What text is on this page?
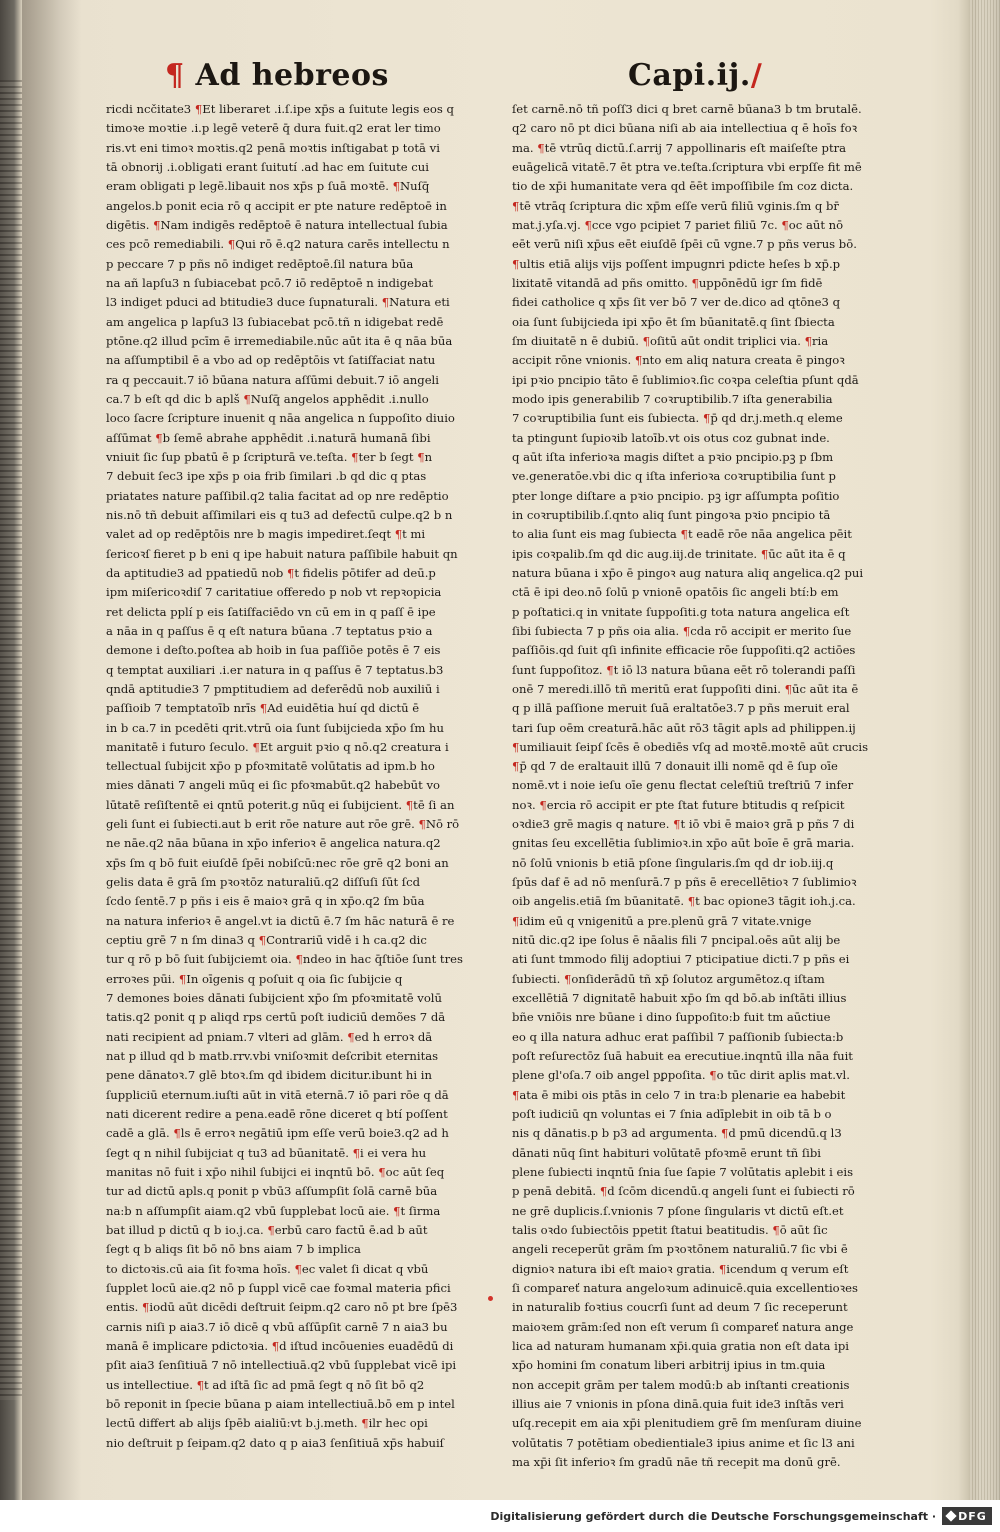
¶ Ad hebreos	Capi.ij./
ricdi ncčitate3 ¶Et liberaret .i.ſ.ipe xp̄s a ſuitute legis eos q
timoꝛe moꝛtie .i.p legē veterē q̄ dura fuit.q2 erat ler timo
ris.vt eni timoꝛ moꝛtis.q2 penā moꝛtis inſtigabat p totā vi
tā obnorij .i.obligati erant ſuitutí .ad hac em ſuitute cui
eram obligati p legē.libauit nos xp̄s p ſuā moꝛtē. ¶Nuſq̄
angelos.b ponit ecia rō q accipit er pte nature redēptoē in
digētis. ¶Nam indigēs redēptoē ē natura intellectual ſubia
ces pcō remediabili. ¶Qui rō ē.q2 natura carēs intellectu n
p peccare 7 p pñs nō indiget redēptoē.ſil natura būa
na añ lapſu3 n ſubiacebat pcō.7 iō redēptoē n indigebat
l3 indiget pduci ad btitudie3 duce ſupnaturali. ¶Natura eti
am angelica p lapſu3 l3 ſubiacebat pcō.tñ n idigebat redē
ptōne.q2 illud pcīm ē irremediabile.nūc aūt ita ē q nāa būa
na aſſumptibil ē a vbo ad op redēptōis vt ſatiſfaciat natu
ra q peccauit.7 iō būana natura aſſūmi debuit.7 iō angeli
ca.7 b eſt qd dic b aplš ¶Nuſq̄ angelos apphēdit .i.nullo
loco ſacre ſcripture inuenit q nāa angelica n ſuppoſito diuio
aſſūmat ¶b ſemē abrahe apphēdit .i.naturā humanā ſibi
vniuit ſic ſup pbatū ē p ſcripturā ve.teſta. ¶ter b ſegt ¶n
7 debuit ſec3 ipe xp̄s p oia frib ſimilari .b qd dic q ptas
priatates nature paſſibil.q2 talia facitat ad op nre redēptio
nis.nō tñ debuit aſſimilari eis q tu3 ad defectū culpe.q2 b n
valet ad op redēptōis nre b magis impediret.ſeqt ¶t mi
ſericoꝛſ fieret p b eni q ipe habuit natura paſſibile habuit qn
da aptitudie3 ad ppatiedū nob ¶t fidelis pōtifer ad deū.p
ipm miſericoꝛdiſ 7 caritatiue offeredo p nob vt repꝛopicia
ret delicta pplí p eis ſatiſfaciēdo vn cū em in q paſſ ē ipe
a nāa in q paſſus ē q eſt natura būana .7 teptatus pꝛio a
demone i deſto.poſtea ab hoib in ſua paſſiōe potēs ē 7 eis
q temptat auxiliari .i.er natura in q paſſus ē 7 teptatus.b3
qndā aptitudie3 7 pmptitudiem ad deferēdū nob auxiliū i
paſſioib 7 temptatoīb nrīs ¶Ad euidētia huí qd dictū ē
in b ca.7 in pcedēti qrit.vtrū oia ſunt ſubijcieda xp̄o ſm hu
manitatē i futuro ſeculo. ¶Et arguit pꝛio q nō.q2 creatura i
tellectual ſubijcit xp̄o p pfoꝛmitatē volūtatis ad ipm.b ho
mies dānati 7 angeli mūq ei ſic pfoꝛmabūt.q2 habebūt vo
lūtatē reſiſtentē ei qntū poterit.g nūq ei ſubijcient. ¶tē ſi an
geli ſunt ei ſubiecti.aut b erit rōe nature aut rōe grē. ¶Nō rō
ne nāe.q2 nāa būana in xp̄o inferioꝛ ē angelica natura.q2
xp̄s ſm q bō fuit eiuſdē ſpēi nobiſcū:nec rōe grē q2 boni an
gelis data ē grā ſm pꝛoꝛtōz naturaliū.q2 diſſuſi ſūt ſcd
ſcdo ſentē.7 p pñs i eis ē maioꝛ grā q in xp̄o.q2 ſm būa
na natura inferioꝛ ē angel.vt ia dictū ē.7 ſm hāc naturā ē re
ceptiu grē 7 n ſm dina3 q ¶Contrariū vidē i h ca.q2 dic
tur q rō p bō ſuit ſubijciemt oia. ¶ndeo in hac q̄ſtiōe ſunt tres
erroꝛes pūi. ¶In oīgenis q poſuit q oia ſic ſubijcie q
7 demones boies dānati ſubijcient xp̄o ſm pfoꝛmitatē volū
tatis.q2 ponit q p aliqd rps certū poſt iudiciū demões 7 dā
nati recipient ad pniam.7 vlteri ad glām. ¶ed h erroꝛ dā
nat p illud qd b matb.rrv.vbi vniſoꝛmit deſcribit eternitas
pene dānatoꝛ.7 glē btoꝛ.ſm qd ibidem dicitur.ibunt hi in
ſuppliciū eternum.iuſti aūt in vitā eternā.7 iō pari rōe q dā
nati dicerent redire a pena.eadē rōne diceret q btí poſſent
cadē a glā. ¶ls ē erroꝛ negātiū ipm eſſe verū boie3.q2 ad h
ſegt q n nihil ſubijciat q tu3 ad būanitatē. ¶i ei vera hu
manitas nō fuit i xp̄o nihil ſubijci ei inqntū bō. ¶oc aūt ſeq
tur ad dictū apls.q ponit p vbū3 aſſumpſit ſolā carnē būa
na:b n aſſumpſit aiam.q2 vbū ſupplebat locū aie. ¶t ſirma
bat illud p dictū q b io.j.ca. ¶erbū caro factū ē.ad b aūt
ſegt q b aliqs ſit bō nō bns aiam 7 b implica
to dictoꝛis.cū aia ſit foꝛma hoīs. ¶ec valet ſi dicat q vbū
ſupplet locū aie.q2 nō p ſuppl vicē cae foꝛmal materia pfici
entis. ¶iodū aūt dicēdi deſtruit ſeipm.q2 caro nō pt bre ſpē3
carnis niſi p aia3.7 iō dicē q vbū aſſūpſit carnē 7 n aia3 bu
manā ē implicare pdictoꝛia. ¶d iſtud incōuenies euadēdū di
pſit aia3 ſenſitiuā 7 nō intellectiuā.q2 vbū ſupplebat vicē ipi
us intellectiue. ¶t ad iſtā ſic ad pmā ſegt q nō ſit bō q2
bō reponit in ſpecie būana p aiam intellectiuā.bō em p intel
lectū differt ab alijs ſpēb aialiū:vt b.j.meth. ¶ilr hec opi
nio deſtruit p ſeipam.q2 dato q p aia3 ſenſitiuā xp̄s habuiſ
ſet carnē.nō tñ poſſ3 dici q bret carnē būana3 b tm brutalē.
q2 caro nō pt dici būana niſi ab aia intellectiua q ē hoīs foꝛ
ma. ¶tē vtrūq dictū.ſ.arrij 7 appollinaris eſt maiſeſte ptra
euāgelicā vitatē.7 ēt ptra ve.teſta.ſcriptura vbi erpſſe fit mē
tio de xp̄i humanitate vera qd ēēt impoſſibile ſm coz dicta.
¶tē vtrāq ſcriptura dic xp̄m eſſe verū filiū vginis.ſm q br̄
mat.j.yſa.vj. ¶cce vgo pcipiet 7 pariet filiū 7c. ¶oc aūt nō
eēt verū niſi xp̄us eēt eiuſdē ſpēi cū vgne.7 p pñs verus bō.
¶ultis etiā alijs vijs poſſent impugnri pdicte heſes b xp̄.p
lixitatē vitandā ad pñs omitto. ¶uppōnēdū igr ſm fidē
fidei catholice q xp̄s ſit ver bō 7 ver de.dico ad qtōne3 q
oia ſunt ſubijcieda ipi xp̄o ēt ſm būanitatē.q ſint ſbiecta
ſm diuitatē n ē dubiū. ¶oſitū aūt ondit triplici via. ¶ria
accipit rōne vnionis. ¶nto em aliq natura creata ē pingoꝛ
ipi pꝛio pncipio tāto ē ſublimioꝛ.ſic coꝛpa celeſtia pſunt qdā
modo ipis generabilib 7 coꝛruptibilib.7 iſta generabilia
7 coꝛruptibilia ſunt eis ſubiecta. ¶p̄ qd dr.j.meth.q eleme
ta ptingunt ſupioꝛib latoīb.vt ois otus coz gubnat inde.
q aūt iſta inferioꝛa magis diſtet a pꝛio pncipio.pꝫ p ſbm
ve.generatōe.vbi dic q iſta inferioꝛa coꝛruptibilia ſunt p
pter longe diſtare a pꝛio pncipio. pꝫ igr aſſumpta poſitio
in coꝛruptibilib.ſ.qnto aliq ſunt pingoꝛa pꝛio pncipio tā
to alia ſunt eis mag ſubiecta ¶t eadē rōe nāa angelica pēit
ipis coꝛpalib.ſm qd dic aug.iij.de trinitate. ¶ūc aūt ita ē q
natura būana i xp̄o ē pingoꝛ aug natura aliq angelica.q2 pui
ctā ē ipi deo.nō ſolū p vnionē opatōis ſic angeli btí:b em
p poſtatici.q in vnitate ſuppoſiti.g tota natura angelica eſt
ſibi ſubiecta 7 p pñs oia alia. ¶cda rō accipit er merito ſue
paſſiōis.qd ſuit qſi infinite efficacie rōe ſuppoſiti.q2 actiōes
ſunt ſuppoſitoz. ¶t iō l3 natura būana eēt rō tolerandi paſſi
onē 7 meredi.illō tñ meritū erat ſuppoſiti dini. ¶ūc aūt ita ē
q p illā paſſione meruit ſuā eraltatōe3.7 p pñs meruit eral
tari ſup oēm creaturā.hāc aūt rō3 tāgit apls ad philippen.ij
¶umiliauit ſeipſ ſcēs ē obediēs vſq ad moꝛtē.moꝛtē aūt crucis
¶p̄ qd 7 de eraltauit illū 7 donauit illi nomē qd ē ſup oīe
nomē.vt i noie ieſu oīe genu flectat celeſtiū treſtriū 7 infer
noꝛ. ¶ercia rō accipit er pte ſtat future btitudis q reſpicit
oꝛdie3 grē magis q nature. ¶t iō vbi ē maioꝛ grā p pñs 7 di
gnitas ſeu excellētia ſublimioꝛ.in xp̄o aūt boīe ē grā maria.
nō ſolū vnionis b etiā pſone ſingularis.ſm qd dr iob.iij.q
ſpūs daf ē ad nō menſurā.7 p pñs ē erecellētioꝛ 7 ſublimioꝛ
oib angelis.etiā ſm būanitatē. ¶t bac opione3 tāgit ioh.j.ca.
¶idim eū q vnigenitū a pre.plenū grā 7 vitate.vnige
nitū dic.q2 ipe ſolus ē nāalis fili 7 pncipal.oēs aūt alij be
ati ſunt tmmodo filij adoptiui 7 pticipatiue dicti.7 p pñs ei
ſubiecti. ¶onſiderādū tñ xp̄ ſolutoz argumētoz.q iſtam
excellētiā 7 dignitatē habuit xp̄o ſm qd bō.ab inſtāti illius
bñe vniōis nre būane i dino ſuppoſito:b fuit tm aūctiue
eo q illa natura adhuc erat paſſibil 7 paſſionib ſubiecta:b
poſt reſurectōz ſuā habuit ea erecutiue.inqntū illa nāa fuit
plene gl'oſa.7 oib angel pꝑpoſita. ¶o tūc dirit aplis mat.vl.
¶ata ē mibi ois ptās in celo 7 in tra:b plenarie ea habebit
poſt iudiciū qn voluntas ei 7 ſnia adīplebit in oib tā b o
nis q dānatis.p b p3 ad argumenta. ¶d pmū dicendū.q l3
dānati nūq ſint habituri volūtatē pfoꝛmē erunt tñ ſibi
plene ſubiecti inqntū ſnia ſue ſapie 7 volūtatis aplebit i eis
p penā debitā. ¶d ſcōm dicendū.q angeli ſunt ei ſubiecti rō
ne grē duplicis.ſ.vnionis 7 pſone ſingularis vt dictū eſt.et
talis oꝛdo ſubiectōis ppetit ſtatui beatitudis. ¶ō aūt ſic
angeli receperūt grām ſm pꝛoꝛtōnem naturaliū.7 ſic vbi ē
dignioꝛ natura ibi eſt maioꝛ gratia. ¶icendum q verum eſt
ſi compareť natura angeloꝛum adinuicē.quia excellentioꝛes
in naturalib foꝛtius coucrſi ſunt ad deum 7 ſic receperunt
maioꝛem grām:ſed non eſt verum ſi compareť natura ange
lica ad naturam humanam xp̄i.quia gratia non eſt data ipi
xp̄o homini ſm conatum liberi arbitrij ipius in tm.quia
non accepit grām per talem modū:b ab inſtanti creationis
illius aie 7 vnionis in pſona dinā.quia fuit ide3 inſtās veri
uſq.recepit em aia xp̄i plenitudiem grē ſm menſuram diuine
volūtatis 7 potētiam obedientiale3 ipius anime et ſic l3 ani
ma xp̄i ſit inferioꝛ ſm gradū nāe tñ recepit ma donū grē.
Digitalisierung gefördert durch die Deutsche Forschungsgemeinschaft · DFG
